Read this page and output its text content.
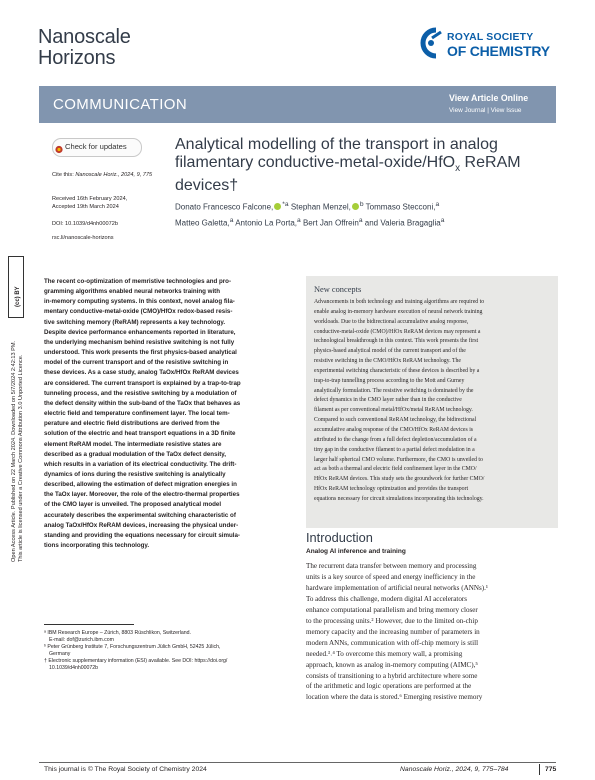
Nanoscale
Horizons
ROYAL SOCIETY
OF CHEMISTRY
COMMUNICATION	View Article Online
View Journal | View Issue
Open Access Article. Published on 22 March 2024. Downloaded on 5/7/2024 2:42:13 PM. This article is licensed under a Creative Commons Attribution 3.0 Unported Licence.
(cc) BY
Check for updates
Cite this: Nanoscale Horiz., 2024, 9, 775
Received 16th February 2024,
Accepted 19th March 2024
DOI: 10.1039/d4nh00072b
rsc.li/nanoscale-horizons
Analytical modelling of the transport in analog filamentary conductive-metal-oxide/HfO$_x$ ReRAM devices†
Donato Francesco Falcone, $^{*a}$ Stephan Menzel, $^b$ Tommaso Stecconi,$^a$
Matteo Galetta,$^a$ Antonio La Porta,$^a$ Bert Jan Offrein$^a$ and Valeria Bragaglia$^a$
The recent co-optimization of memristive technologies and pro-
gramming algorithms enabled neural networks training with
in-memory computing systems. In this context, novel analog fila-
mentary conductive-metal-oxide (CMO)/HfOx redox-based resis-
tive switching memory (ReRAM) represents a key technology.
Despite device performance enhancements reported in literature,
the underlying mechanism behind resistive switching is not fully
understood. This work presents the first physics-based analytical
model of the current transport and of the resistive switching in
these devices. As a case study, analog TaOx/HfOx ReRAM devices
are considered. The current transport is explained by a trap-to-trap
tunneling process, and the resistive switching by a modulation of
the defect density within the sub-band of the TaOx that behaves as
electric field and temperature confinement layer. The local tem-
perature and electric field distributions are derived from the
solution of the electric and heat transport equations in a 3D finite
element ReRAM model. The intermediate resistive states are
described as a gradual modulation of the TaOx defect density,
which results in a variation of its electrical conductivity. The drift-
dynamics of ions during the resistive switching is analytically
described, allowing the estimation of defect migration energies in
the TaOx layer. Moreover, the role of the electro-thermal properties
of the CMO layer is unveiled. The proposed analytical model
accurately describes the experimental switching characteristic of
analog TaOx/HfOx ReRAM devices, increasing the physical under-
standing and providing the equations necessary for circuit simula-
tions incorporating this technology.
New concepts
Advancements in both technology and training algorithms are required to
enable analog in-memory hardware execution of neural network training
workloads. Due to the bidirectional accumulative analog response,
conductive-metal-oxide (CMO)/HfOx ReRAM devices may represent a
technological breakthrough in this context. This work presents the first
physics-based analytical model of the current transport and of the
resistive switching in the CMO/HfOx ReRAM technology. The
experimental switching characteristic of these devices is described by a
trap-to-trap tunnelling process according to the Mott and Gurney
analytically formulation. The resistive switching is dominated by the
defect dynamics in the CMO layer rather than in the conductive
filament as per conventional metal/HfOx/metal ReRAM technology.
Compared to such conventional ReRAM technology, the bidirectional
accumulative analog response of the CMO/HfOx ReRAM devices is
attributed to the change from a full defect depletion/accumulation of a
tiny gap in the conductive filament to a partial defect modulation in a
larger half spherical CMO volume. Furthermore, the CMO is unveiled to
act as both a thermal and electric field confinement layer in the CMO/
HfOx ReRAM devices. This study sets the groundwork for further CMO/
HfOx ReRAM technology optimization and provides the transport
equations necessary for circuit simulations incorporating this technology.
Introduction
Analog AI inference and training
The recurrent data transfer between memory and processing
units is a key source of speed and energy inefficiency in the
hardware implementation of artificial neural networks (ANNs).¹
To address this challenge, modern digital AI accelerators
enhance computational parallelism and bring memory closer
to the processing units.² However, due to the limited on-chip
memory capacity and the increasing number of parameters in
modern ANNs, communication with off-chip memory is still
needed.³˒⁴ To overcome this memory wall, a promising
approach, known as analog in-memory computing (AIMC),⁵
consists of transitioning to a hybrid architecture where some
of the arithmetic and logic operations are performed at the
location where the data is stored.⁶ Emerging resistive memory
ᵃ IBM Research Europe – Zürich, 8803 Rüschlikon, Switzerland.
E-mail: dof@zurich.ibm.com
ᵇ Peter Grünberg Institute 7, Forschungszentrum Jülich GmbH, 52425 Jülich,
Germany
† Electronic supplementary information (ESI) available. See DOI: https://doi.org/
10.1039/d4nh00072b
This journal is © The Royal Society of Chemistry 2024	Nanoscale Horiz., 2024, 9, 775–784	775
